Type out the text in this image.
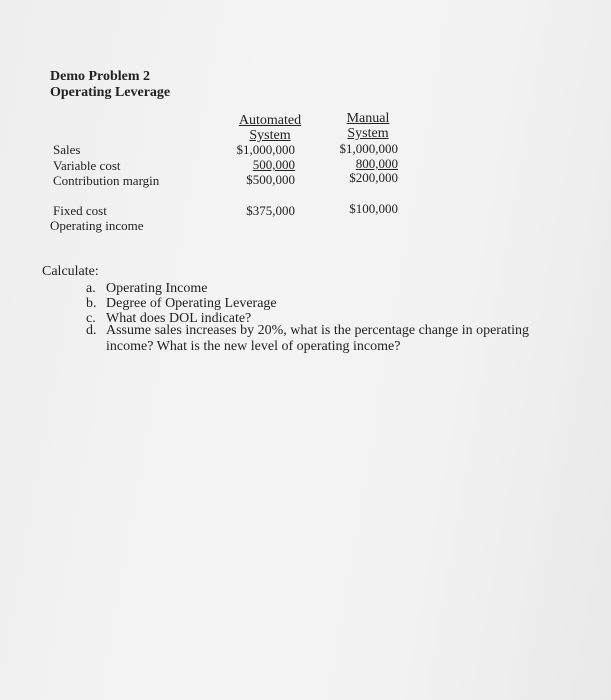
Demo Problem 2
Operating Leverage
Automated
System
Manual
System
Sales
Variable cost
Contribution margin
Fixed cost
Operating income
$1,000,000
500,000
$500,000
$375,000
$1,000,000
800,000
$200,000
$100,000
Calculate:
a. Operating Income
b. Degree of Operating Leverage
c. What does DOL indicate?
d. Assume sales increases by 20%, what is the percentage change in operating income? What is the new level of operating income?
